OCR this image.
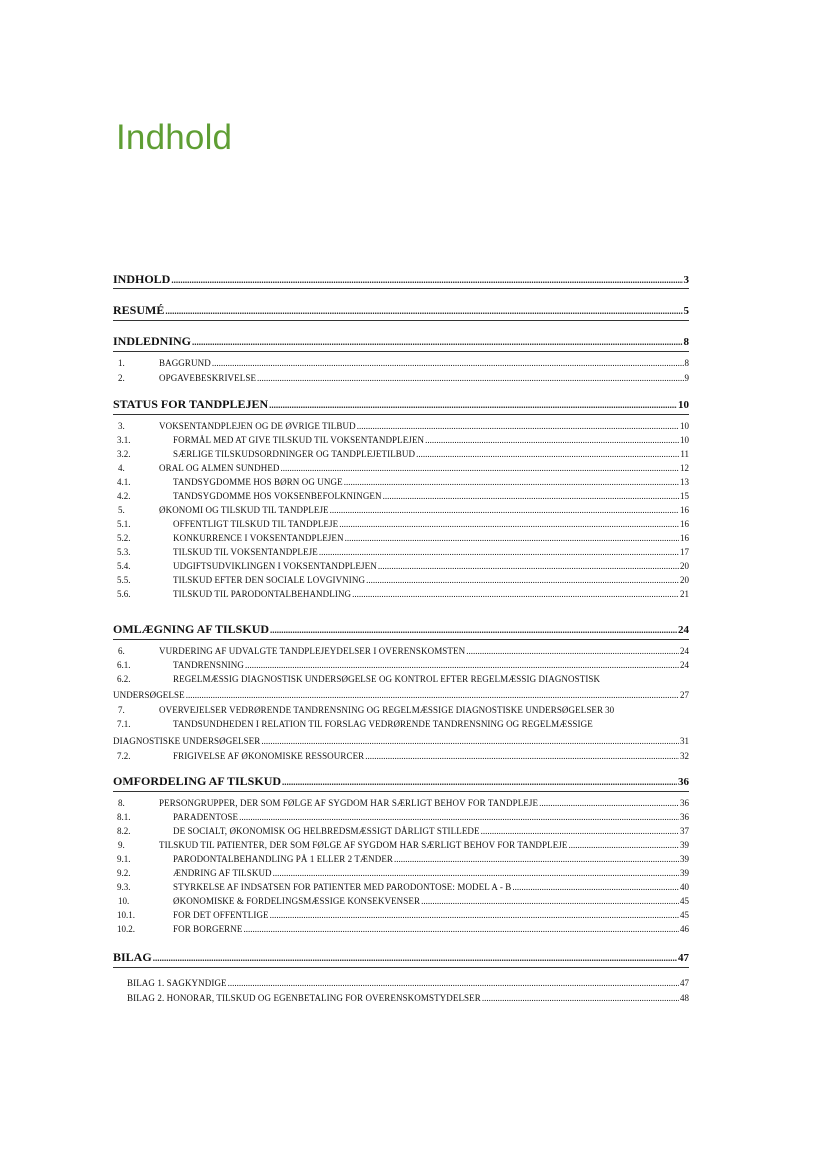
Indhold
INDHOLD .....	3
RESUMÉ .....	5
INDLEDNING .....	8
1.	BAGGRUND .....	8
2.	OPGAVEBESKRIVELSE .....	9
STATUS FOR TANDPLEJEN .....	10
3.	VOKSENTANDPLEJEN OG DE ØVRIGE TILBUD .....	10
3.1.	FORMÅL MED AT GIVE TILSKUD TIL VOKSENTANDPLEJEN .....	10
3.2.	SÆRLIGE TILSKUDSORDNINGER OG TANDPLEJETILBUD .....	11
4.	ORAL OG ALMEN SUNDHED .....	12
4.1.	TANDSYGDOMME HOS BØRN OG UNGE .....	13
4.2.	TANDSYGDOMME HOS VOKSENBEFOLKNINGEN .....	15
5.	ØKONOMI OG TILSKUD TIL TANDPLEJE .....	16
5.1.	OFFENTLIGT TILSKUD TIL TANDPLEJE .....	16
5.2.	KONKURRENCE I VOKSENTANDPLEJEN .....	16
5.3.	TILSKUD TIL VOKSENTANDPLEJE .....	17
5.4.	UDGIFTSUDVIKLINGEN I VOKSENTANDPLEJEN .....	20
5.5.	TILSKUD EFTER DEN SOCIALE LOVGIVNING .....	20
5.6.	TILSKUD TIL PARODONTALBEHANDLING .....	21
OMLÆGNING AF TILSKUD .....	24
6.	VURDERING AF UDVALGTE TANDPLEJEYDELSER I OVERENSKOMSTEN .....	24
6.1.	TANDRENSNING .....	24
6.2.	REGELMÆSSIG DIAGNOSTISK UNDERSØGELSE OG KONTROL EFTER REGELMÆSSIG DIAGNOSTISK
UNDERSØGELSE .....	27
7.	OVERVEJELSER VEDRØRENDE TANDRENSNING OG REGELMÆSSIGE DIAGNOSTISKE UNDERSØGELSER 30
7.1.	TANDSUNDHEDEN I RELATION TIL FORSLAG VEDRØRENDE TANDRENSNING OG REGELMÆSSIGE
DIAGNOSTISKE UNDERSØGELSER .....	31
7.2.	FRIGIVELSE AF ØKONOMISKE RESSOURCER .....	32
OMFORDELING AF TILSKUD .....	36
8.	PERSONGRUPPER, DER SOM FØLGE AF SYGDOM HAR SÆRLIGT BEHOV FOR TANDPLEJE .....	36
8.1.	PARADENTOSE .....	36
8.2.	DE SOCIALT, ØKONOMISK OG HELBREDSMÆSSIGT DÅRLIGT STILLEDE .....	37
9.	TILSKUD TIL PATIENTER, DER SOM FØLGE AF SYGDOM HAR SÆRLIGT BEHOV FOR TANDPLEJE .....	39
9.1.	PARODONTALBEHANDLING PÅ 1 ELLER 2 TÆNDER .....	39
9.2.	ÆNDRING AF TILSKUD .....	39
9.3.	STYRKELSE AF INDSATSEN FOR PATIENTER MED PARODONTOSE: MODEL A - B .....	40
10.	ØKONOMISKE & FORDELINGSMÆSSIGE KONSEKVENSER .....	45
10.1.	FOR DET OFFENTLIGE .....	45
10.2.	FOR BORGERNE .....	46
BILAG .....	47
BILAG 1. SAGKYNDIGE .....	47
BILAG 2. HONORAR, TILSKUD OG EGENBETALING FOR OVERENSKOMSTYDELSER .....	48
